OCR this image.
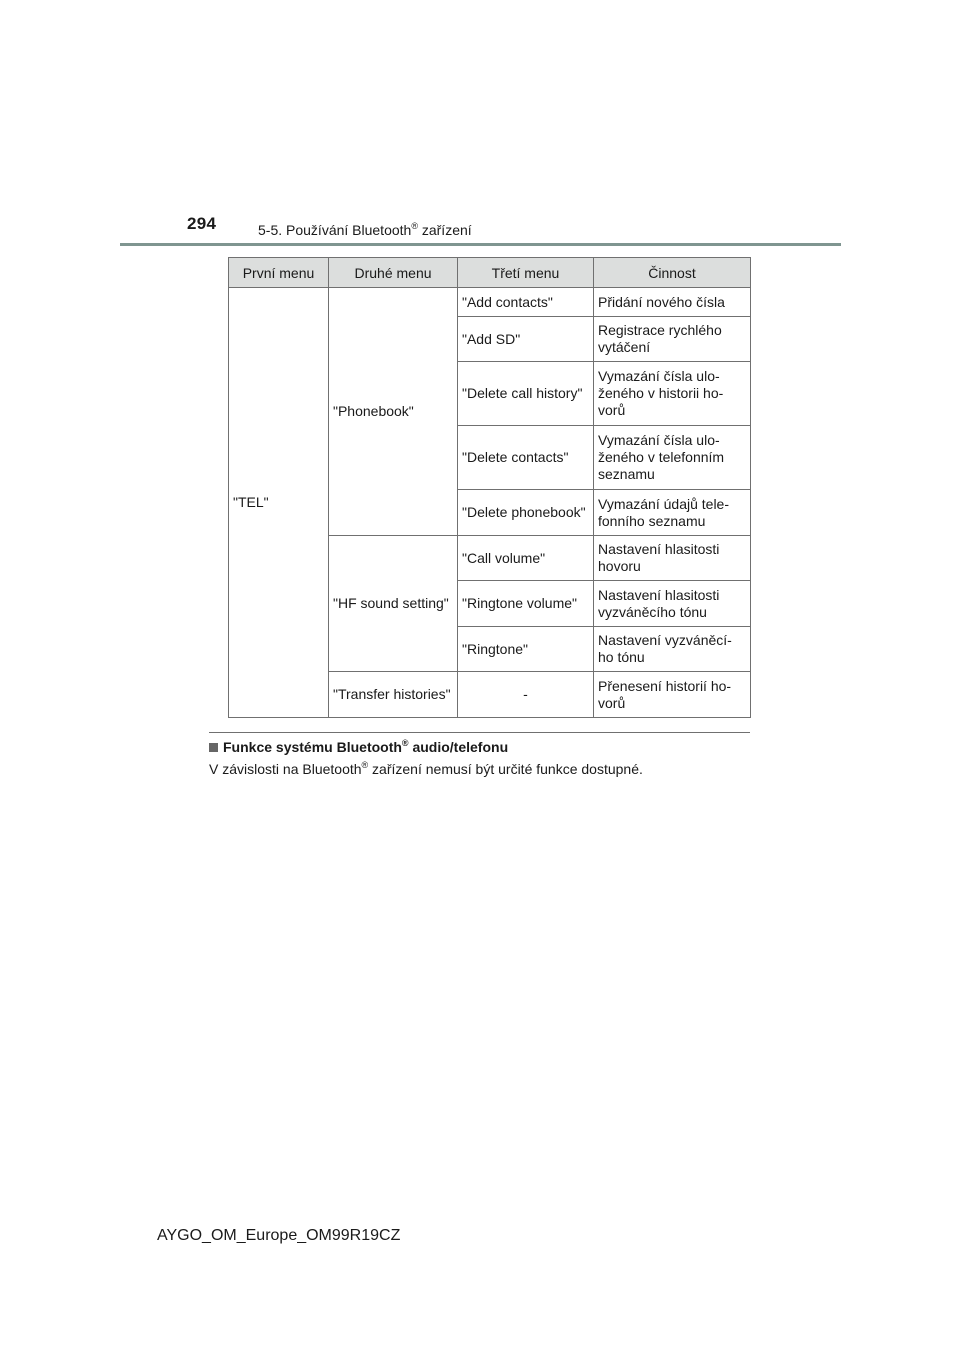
294	5-5. Používání Bluetooth® zařízení
První menu	Druhé menu	Třetí menu	Činnost
"TEL"	"Phonebook"	"Add contacts"	Přidání nového čísla
		"Add SD"	Registrace rychlého vytáčení
		"Delete call history"	Vymazání čísla ulo-ženého v historii ho-vorů
		"Delete contacts"	Vymazání čísla ulo-ženého v telefonním seznamu
		"Delete phonebook"	Vymazání údajů tele-fonního seznamu
	"HF sound setting"	"Call volume"	Nastavení hlasitosti hovoru
		"Ringtone volume"	Nastavení hlasitosti vyzváněcího tónu
		"Ringtone"	Nastavení vyzváněcí-ho tónu
	"Transfer histories"	-	Přenesení historií ho-vorů
Funkce systému Bluetooth® audio/telefonu
V závislosti na Bluetooth® zařízení nemusí být určité funkce dostupné.
AYGO_OM_Europe_OM99R19CZ
